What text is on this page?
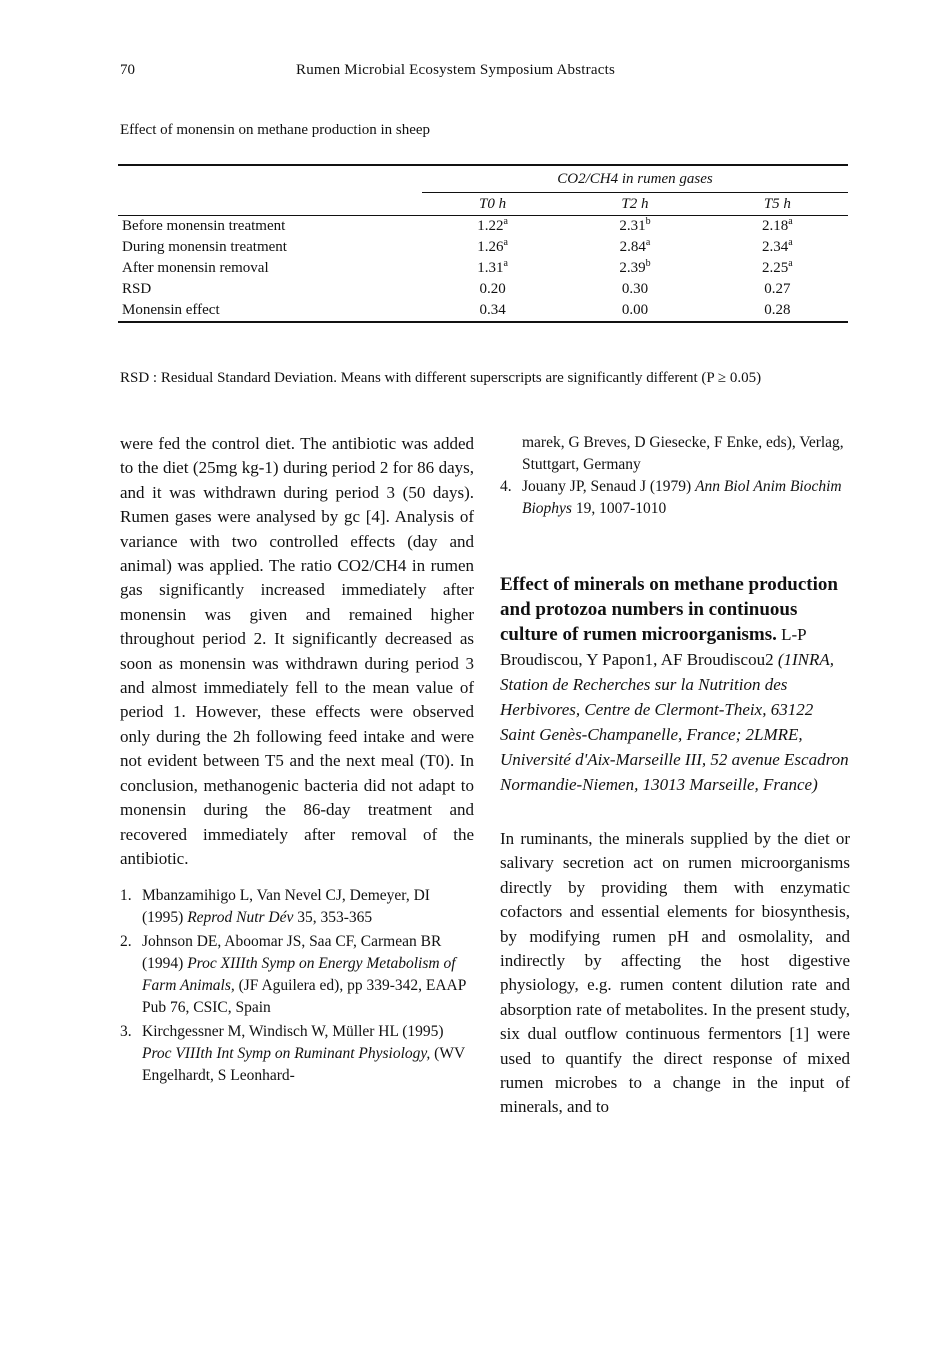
70	Rumen Microbial Ecosystem Symposium Abstracts
Effect of monensin on methane production in sheep
	CO2/CH4 in rumen gases		
	T0 h	T2 h	T5 h
Before monensin treatment	1.22$^a$	2.31$^b$	2.18$^a$
During monensin treatment	1.26$^a$	2.84$^a$	2.34$^a$
After monensin removal	1.31$^a$	2.39$^b$	2.25$^a$
RSD	0.20	0.30	0.27
Monensin effect	0.34	0.00	0.28
RSD : Residual Standard Deviation. Means with different superscripts are significantly different (P ≥ 0.05)

were fed the control diet. The antibiotic was added to the diet (25mg kg-1) during period 2 for 86 days, and it was withdrawn during period 3 (50 days). Rumen gases were analysed by gc [4]. Analysis of variance with two controlled effects (day and animal) was applied. The ratio CO2/CH4 in rumen gas significantly increased immediately after monensin was given and remained higher throughout period 2. It significantly decreased as soon as monensin was withdrawn during period 3 and almost immediately fell to the mean value of period 1. However, these effects were observed only during the 2h following feed intake and were not evident between T5 and the next meal (T0). In conclusion, methanogenic bacteria did not adapt to monensin during the 86-day treatment and recovered immediately after removal of the antibiotic.

1. Mbanzamihigo L, Van Nevel CJ, Demeyer, DI (1995) Reprod Nutr Dév 35, 353-365
2. Johnson DE, Aboomar JS, Saa CF, Carmean BR (1994) Proc XIIIth Symp on Energy Metabolism of Farm Animals, (JF Aguilera ed), pp 339-342, EAAP Pub 76, CSIC, Spain
3. Kirchgessner M, Windisch W, Müller HL (1995) Proc VIIIth Int Symp on Ruminant Physiology, (WV Engelhardt, S Leonhard-
marek, G Breves, D Giesecke, F Enke, eds), Verlag, Stuttgart, Germany
4. Jouany JP, Senaud J (1979) Ann Biol Anim Biochim Biophys 19, 1007-1010
Effect of minerals on methane production and protozoa numbers in continuous culture of rumen microorganisms. L-P Broudiscou, Y Papon1, AF Broudiscou2 (1INRA, Station de Recherches sur la Nutrition des Herbivores, Centre de Clermont-Theix, 63122 Saint Genès-Champanelle, France; 2LMRE, Université d'Aix-Marseille III, 52 avenue Escadron Normandie-Niemen, 13013 Marseille, France)

In ruminants, the minerals supplied by the diet or salivary secretion act on rumen microorganisms directly by providing them with enzymatic cofactors and essential elements for biosynthesis, by modifying rumen pH and osmolality, and indirectly by affecting the host digestive physiology, e.g. rumen content dilution rate and absorption rate of metabolites. In the present study, six dual outflow continuous fermentors [1] were used to quantify the direct response of mixed rumen microbes to a change in the input of minerals, and to
